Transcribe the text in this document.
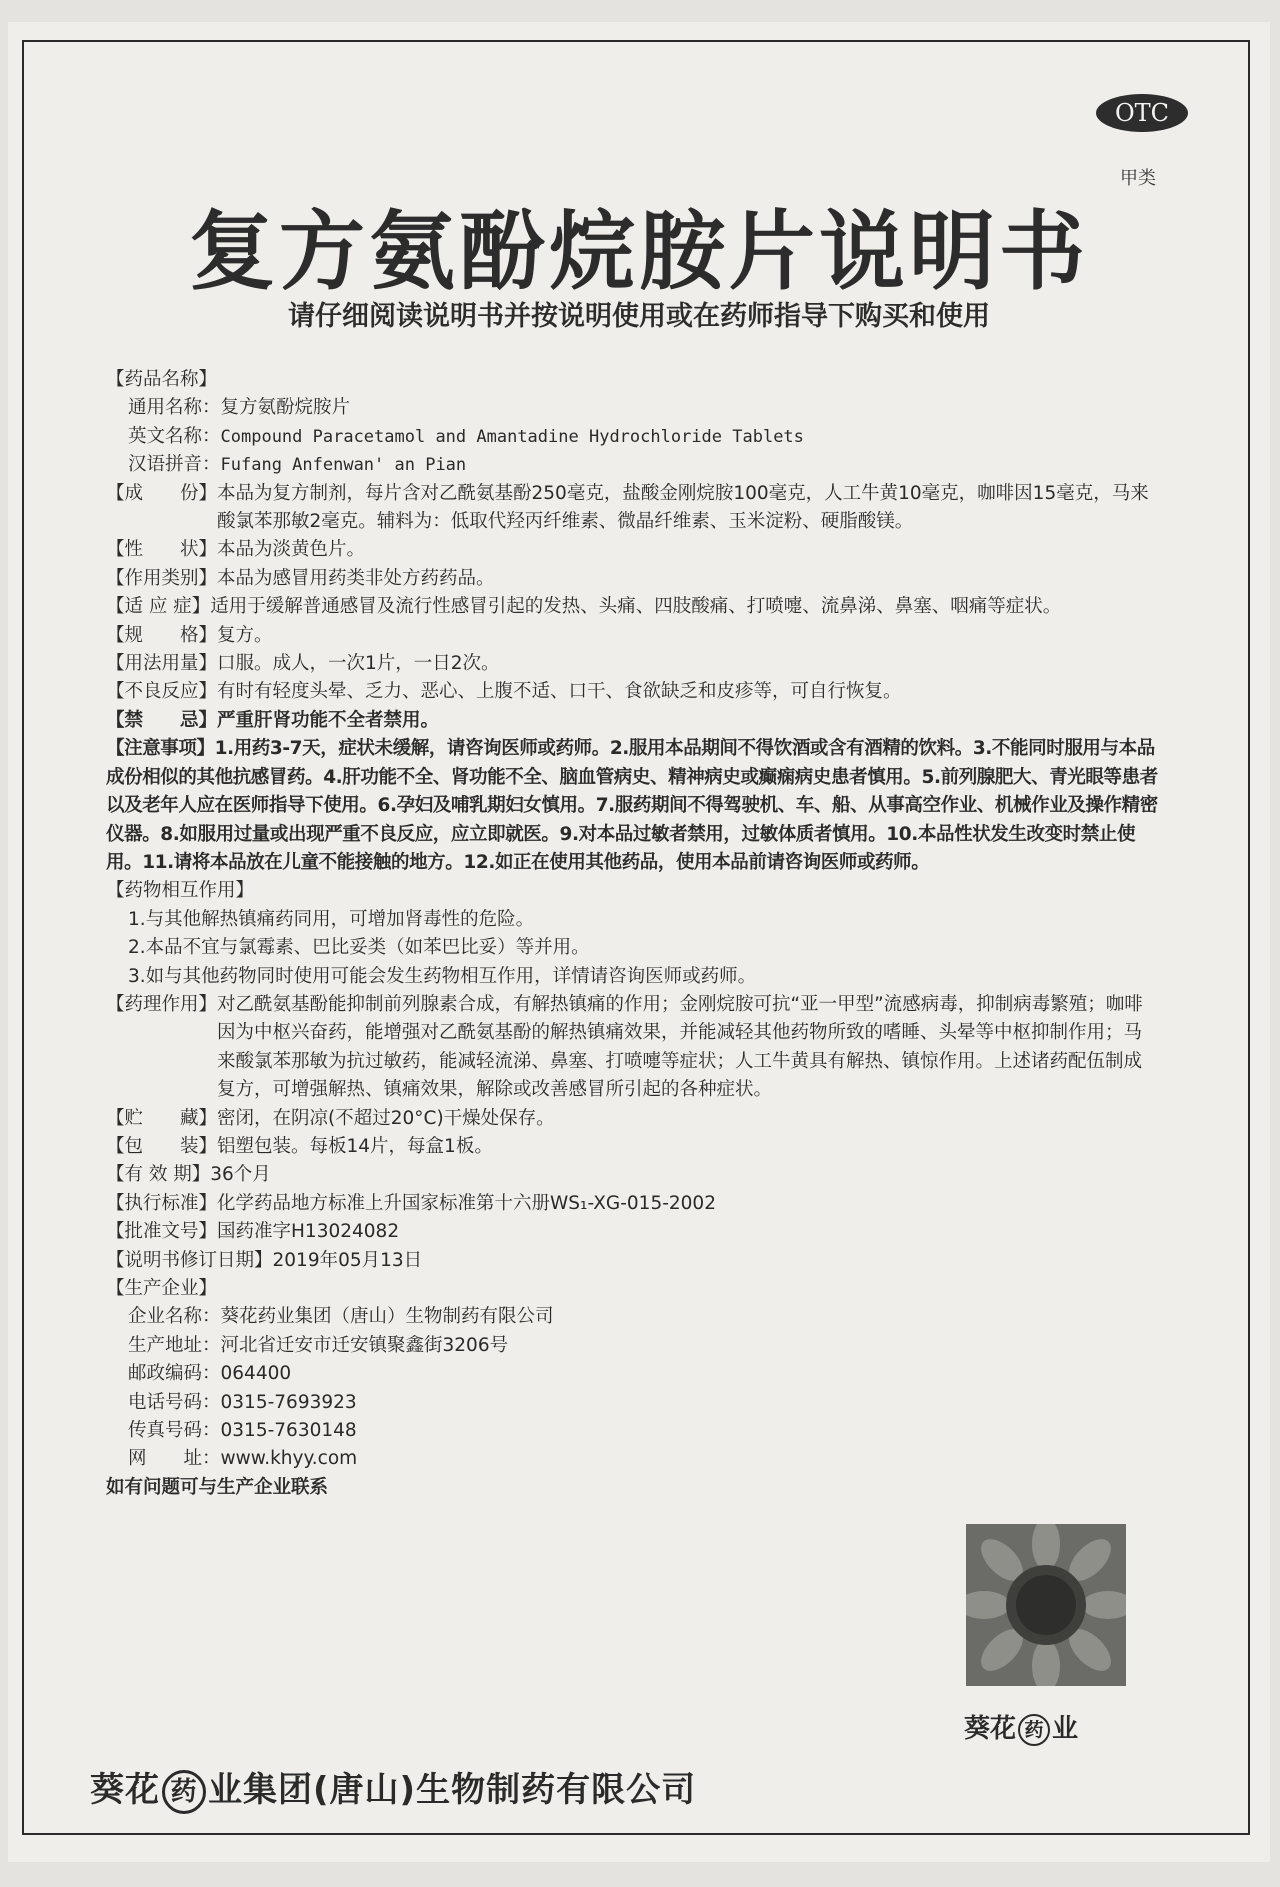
OTC
甲类
复方氨酚烷胺片说明书
请仔细阅读说明书并按说明使用或在药师指导下购买和使用

【药品名称】

通用名称： 复方氨酚烷胺片
英文名称： Compound Paracetamol and Amantadine Hydrochloride Tablets
汉语拼音： Fufang Anfenwan' an Pian
【成　　份】 本品为复方制剂，每片含对乙酰氨基酚250毫克，盐酸金刚烷胺100毫克，人工牛黄10毫克，咖啡因15毫克，马来酸氯苯那敏2毫克。辅料为：低取代羟丙纤维素、微晶纤维素、玉米淀粉、硬脂酸镁。
【性　　状】 本品为淡黄色片。
【作用类别】 本品为感冒用药类非处方药药品。
【适 应 症】 适用于缓解普通感冒及流行性感冒引起的发热、头痛、四肢酸痛、打喷嚏、流鼻涕、鼻塞、咽痛等症状。
【规　　格】 复方。
【用法用量】 口服。成人，一次1片，一日2次。
【不良反应】 有时有轻度头晕、乏力、恶心、上腹不适、口干、食欲缺乏和皮疹等，可自行恢复。
【禁　　忌】 严重肝肾功能不全者禁用。

【注意事项】1.用药3-7天，症状未缓解，请咨询医师或药师。2.服用本品期间不得饮酒或含有酒精的饮料。3.不能同时服用与本品成份相似的其他抗感冒药。4.肝功能不全、肾功能不全、脑血管病史、精神病史或癫痫病史患者慎用。5.前列腺肥大、青光眼等患者以及老年人应在医师指导下使用。6.孕妇及哺乳期妇女慎用。7.服药期间不得驾驶机、车、船、从事高空作业、机械作业及操作精密仪器。8.如服用过量或出现严重不良反应，应立即就医。9.对本品过敏者禁用，过敏体质者慎用。10.本品性状发生改变时禁止使用。11.请将本品放在儿童不能接触的地方。12.如正在使用其他药品，使用本品前请咨询医师或药师。

【药物相互作用】

1.与其他解热镇痛药同用，可增加肾毒性的危险。

2.本品不宜与氯霉素、巴比妥类（如苯巴比妥）等并用。

3.如与其他药物同时使用可能会发生药物相互作用，详情请咨询医师或药师。

【药理作用】 对乙酰氨基酚能抑制前列腺素合成，有解热镇痛的作用；金刚烷胺可抗“亚一甲型”流感病毒，抑制病毒繁殖；咖啡因为中枢兴奋药，能增强对乙酰氨基酚的解热镇痛效果，并能减轻其他药物所致的嗜睡、头晕等中枢抑制作用；马来酸氯苯那敏为抗过敏药，能减轻流涕、鼻塞、打喷嚏等症状；人工牛黄具有解热、镇惊作用。上述诸药配伍制成复方，可增强解热、镇痛效果，解除或改善感冒所引起的各种症状。
【贮　　藏】 密闭，在阴凉(不超过20°C)干燥处保存。
【包　　装】 铝塑包装。每板14片，每盒1板。
【有 效 期】 36个月
【执行标准】 化学药品地方标准上升国家标准第十六册WS₁-XG-015-2002
【批准文号】 国药准字H13024082
【说明书修订日期】 2019年05月13日

【生产企业】

企业名称： 葵花药业集团（唐山）生物制药有限公司
生产地址： 河北省迁安市迁安镇聚鑫街3206号
邮政编码： 064400
电话号码： 0315-7693923
传真号码： 0315-7630148
网　　址： www.khyy.com

如有问题可与生产企业联系

葵花 药 业
葵花 药 业集团(唐山)生物制药有限公司
